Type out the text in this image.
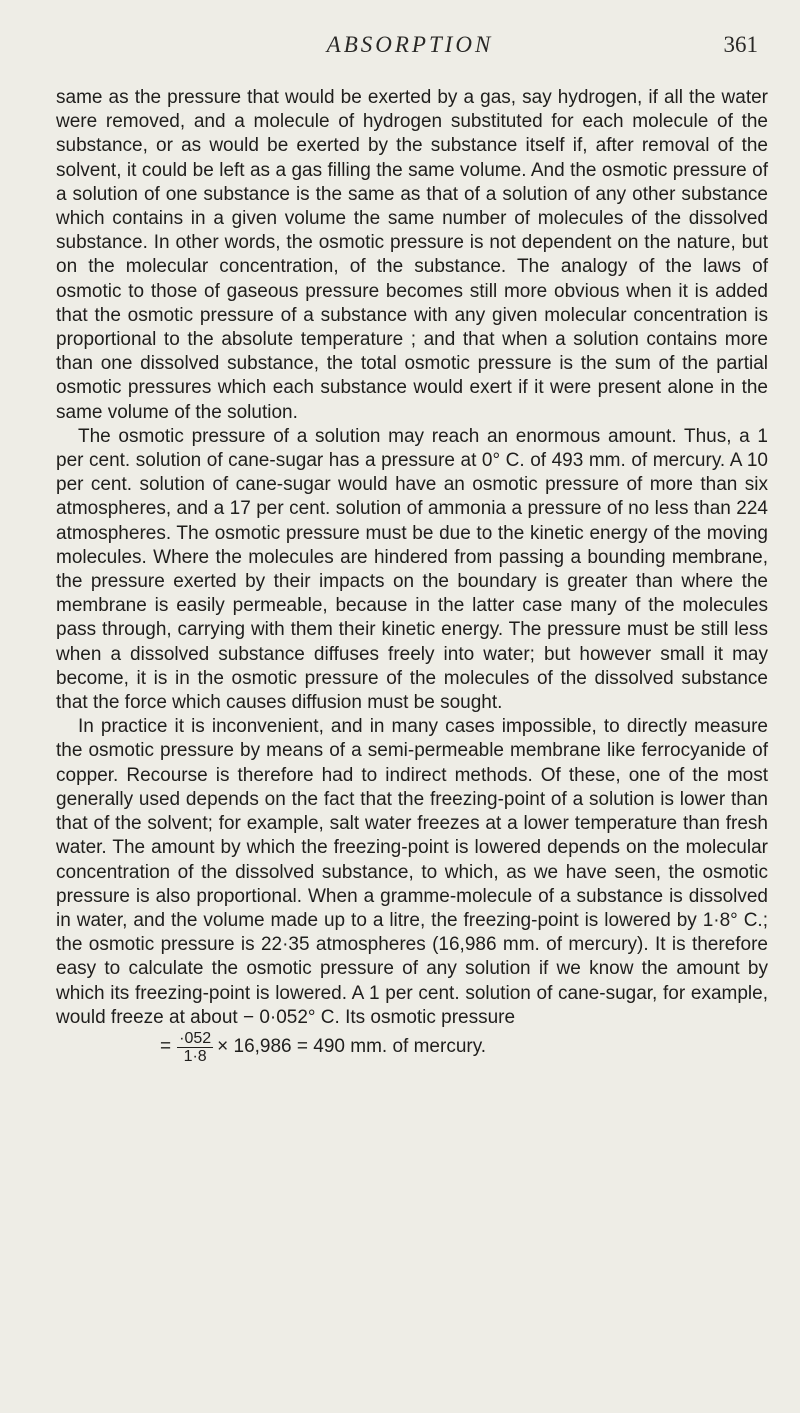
ABSORPTION	361

same as the pressure that would be exerted by a gas, say hydrogen, if all the water were removed, and a molecule of hydrogen substituted for each molecule of the substance, or as would be exerted by the substance itself if, after removal of the solvent, it could be left as a gas filling the same volume. And the osmotic pressure of a solution of one substance is the same as that of a solution of any other substance which contains in a given volume the same number of molecules of the dissolved substance. In other words, the osmotic pressure is not dependent on the nature, but on the molecular concentration, of the substance. The analogy of the laws of osmotic to those of gaseous pressure becomes still more obvious when it is added that the osmotic pressure of a substance with any given molecular concentration is proportional to the absolute temperature ; and that when a solution contains more than one dissolved substance, the total osmotic pressure is the sum of the partial osmotic pressures which each substance would exert if it were present alone in the same volume of the solution.

The osmotic pressure of a solution may reach an enormous amount. Thus, a 1 per cent. solution of cane-sugar has a pressure at 0° C. of 493 mm. of mercury. A 10 per cent. solution of cane-sugar would have an osmotic pressure of more than six atmospheres, and a 17 per cent. solution of ammonia a pressure of no less than 224 atmospheres. The osmotic pressure must be due to the kinetic energy of the moving molecules. Where the molecules are hindered from passing a bounding membrane, the pressure exerted by their impacts on the boundary is greater than where the membrane is easily permeable, because in the latter case many of the molecules pass through, carrying with them their kinetic energy. The pressure must be still less when a dissolved substance diffuses freely into water; but however small it may become, it is in the osmotic pressure of the molecules of the dissolved substance that the force which causes diffusion must be sought.

In practice it is inconvenient, and in many cases impossible, to directly measure the osmotic pressure by means of a semi-permeable membrane like ferrocyanide of copper. Recourse is therefore had to indirect methods. Of these, one of the most generally used depends on the fact that the freezing-point of a solution is lower than that of the solvent; for example, salt water freezes at a lower temperature than fresh water. The amount by which the freezing-point is lowered depends on the molecular concentration of the dissolved substance, to which, as we have seen, the osmotic pressure is also proportional. When a gramme-molecule of a substance is dissolved in water, and the volume made up to a litre, the freezing-point is lowered by 1·8° C.; the osmotic pressure is 22·35 atmospheres (16,986 mm. of mercury). It is therefore easy to calculate the osmotic pressure of any solution if we know the amount by which its freezing-point is lowered. A 1 per cent. solution of cane-sugar, for example, would freeze at about − 0·052° C. Its osmotic pressure

= $\frac{\cdot 052}{1\cdot 8} \times 16,986 = 490$ mm. of mercury.
